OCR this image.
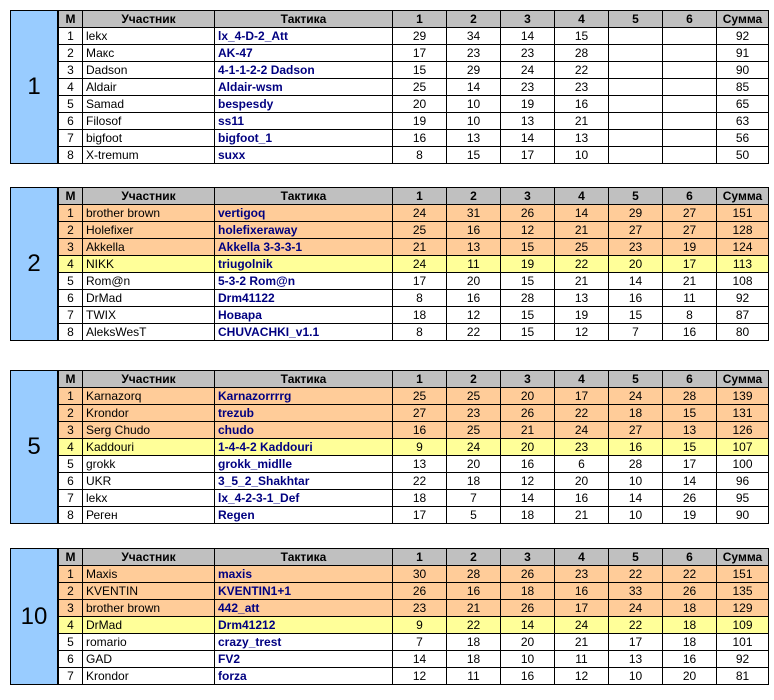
1
М	Участник	Тактика	1	2	3	4	5	6	Сумма
1	lekx	lx_4-D-2_Att	29	34	14	15			92
2	Макс	AK-47	17	23	23	28			91
3	Dadson	4-1-1-2-2 Dadson	15	29	24	22			90
4	Aldair	Aldair-wsm	25	14	23	23			85
5	Samad	bespesdy	20	10	19	16			65
6	Filosof	ss11	19	10	13	21			63
7	bigfoot	bigfoot_1	16	13	14	13			56
8	X-tremum	suxx	8	15	17	10			50
2
М	Участник	Тактика	1	2	3	4	5	6	Сумма
1	brother brown	vertigoq	24	31	26	14	29	27	151
2	Holefixer	holefixeraway	25	16	12	21	27	27	128
3	Akkella	Akkella 3-3-3-1	21	13	15	25	23	19	124
4	NIKK	triugolnik	24	11	19	22	20	17	113
5	Rom@n	5-3-2 Rom@n	17	20	15	21	14	21	108
6	DrMad	Drm41122	8	16	28	13	16	11	92
7	TWIX	Новара	18	12	15	19	15	8	87
8	AleksWesT	CHUVACHKI_v1.1	8	22	15	12	7	16	80
5
М	Участник	Тактика	1	2	3	4	5	6	Сумма
1	Karnazorq	Karnazorrrrg	25	25	20	17	24	28	139
2	Krondor	trezub	27	23	26	22	18	15	131
3	Serg Chudo	chudo	16	25	21	24	27	13	126
4	Kaddouri	1-4-4-2 Kaddouri	9	24	20	23	16	15	107
5	grokk	grokk_midlle	13	20	16	6	28	17	100
6	UKR	3_5_2_Shakhtar	22	18	12	20	10	14	96
7	lekx	lx_4-2-3-1_Def	18	7	14	16	14	26	95
8	Реген	Regen	17	5	18	21	10	19	90
10
М	Участник	Тактика	1	2	3	4	5	6	Сумма
1	Maxis	maxis	30	28	26	23	22	22	151
2	KVENTIN	KVENTIN1+1	26	16	18	16	33	26	135
3	brother brown	442_att	23	21	26	17	24	18	129
4	DrMad	Drm41212	9	22	14	24	22	18	109
5	romario	crazy_trest	7	18	20	21	17	18	101
6	GAD	FV2	14	18	10	11	13	16	92
7	Krondor	forza	12	11	16	12	10	20	81
